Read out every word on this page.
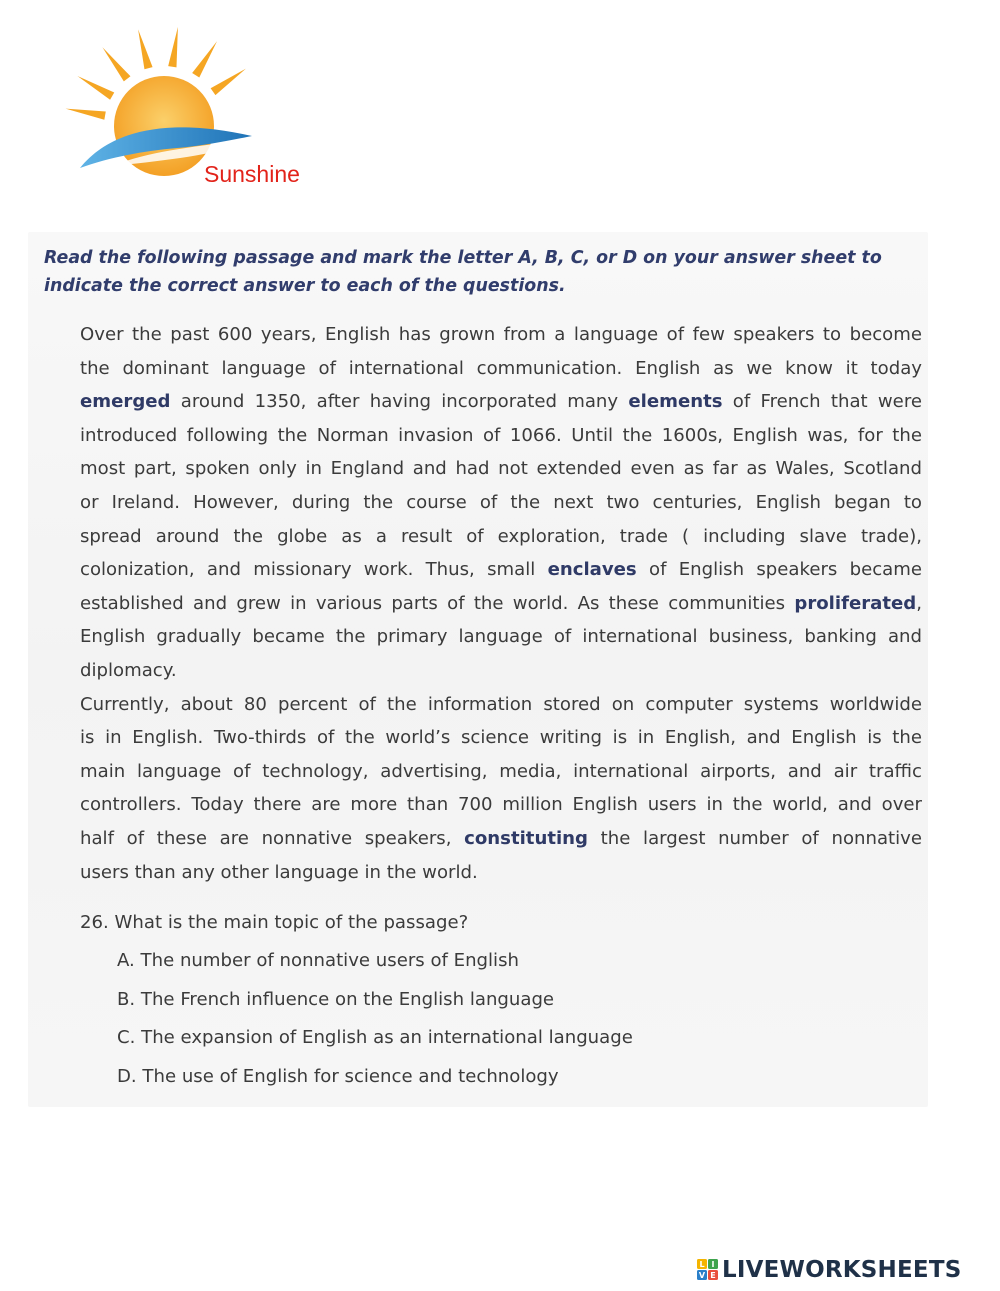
Sunshine
Read the following passage and mark the letter A, B, C, or D on your answer sheet to indicate the correct answer to each of the questions.
Over the past 600 years, English has grown from a language of few speakers to become
the dominant language of international communication. English as we know it today
emerged around 1350, after having incorporated many elements of French that were
introduced following the Norman invasion of 1066. Until the 1600s, English was, for the
most part, spoken only in England and had not extended even as far as Wales, Scotland
or Ireland. However, during the course of the next two centuries, English began to
spread around the globe as a result of exploration, trade ( including slave trade),
colonization, and missionary work. Thus, small enclaves of English speakers became
established and grew in various parts of the world. As these communities proliferated,
English gradually became the primary language of international business, banking and
diplomacy.
Currently, about 80 percent of the information stored on computer systems worldwide
is in English. Two-thirds of the world’s science writing is in English, and English is the
main language of technology, advertising, media, international airports, and air traffic
controllers. Today there are more than 700 million English users in the world, and over
half of these are nonnative speakers, constituting the largest number of nonnative
users than any other language in the world.
26. What is the main topic of the passage?
A. The number of nonnative users of English
B. The French influence on the English language
C. The expansion of English as an international language
D. The use of English for science and technology
L I
V E LIVEWORKSHEETS
